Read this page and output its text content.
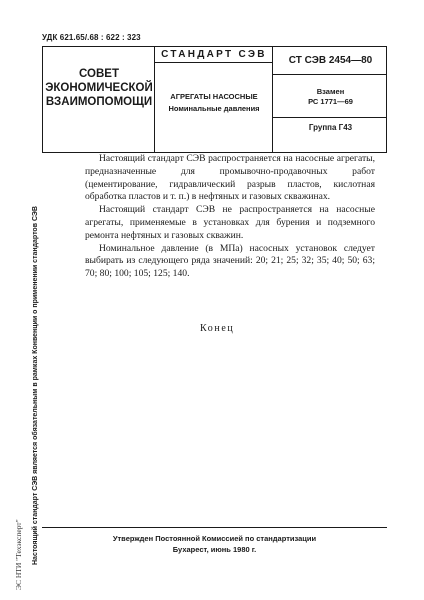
УДК 621.65/.68 : 622 : 323
СОВЕТ
ЭКОНОМИЧЕСКОЙ
ВЗАИМОПОМОЩИ
СТАНДАРТ СЭВ
АГРЕГАТЫ НАСОСНЫЕ
Номинальные давления
СТ СЭВ 2454—80
Взамен
РС 1771—69
Группа Г43

Настоящий стандарт СЭВ распространяется на насосные агрегаты, предназначенные для промывочно-продавочных работ (цементирование, гидравлический разрыв пластов, кислотная обработка пластов и т. п.) в нефтяных и газовых скважинах.

Настоящий стандарт СЭВ не распространяется на насосные агрегаты, применяемые в установках для бурения и подземного ремонта нефтяных и газовых скважин.

Номинальное давление (в МПа) насосных установок следует выбирать из следующего ряда значений: 20; 21; 25; 32; 35; 40; 50; 63; 70; 80; 100; 105; 125; 140.

Конец
Утвержден Постоянной Комиссией по стандартизации
Бухарест, июнь 1980 г.
Настоящий стандарт СЭВ является обязательным в рамках Конвенции о применении стандартов СЭВ
ЭС НТИ "Техэксперт"
